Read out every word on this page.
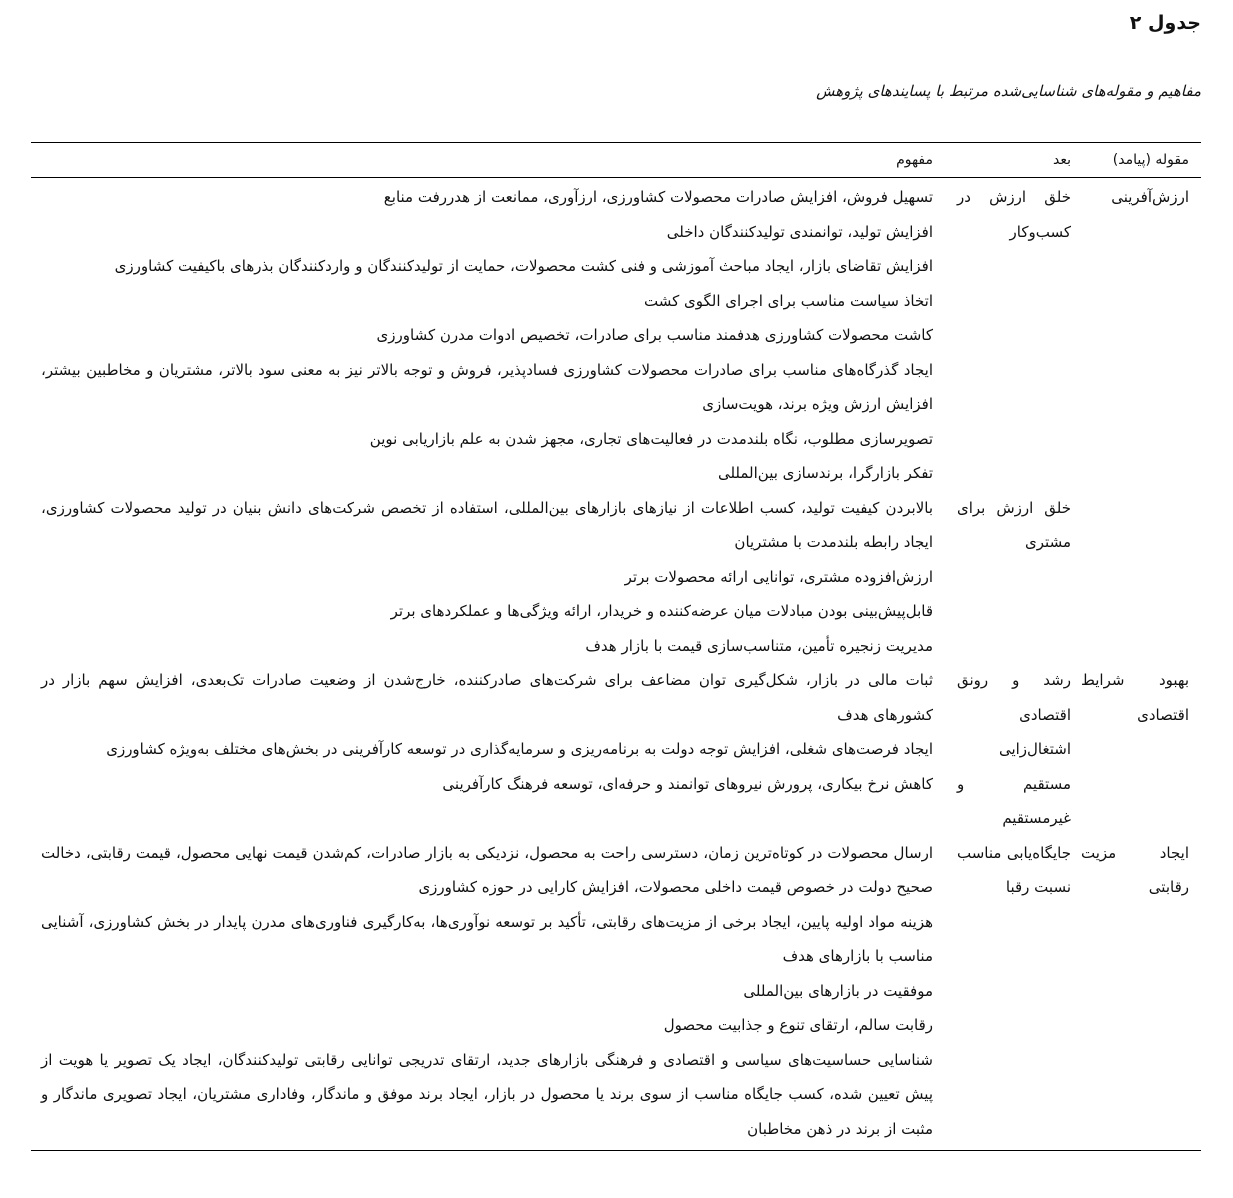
جدول ۲

مفاهیم و مقوله‌های شناسایی‌شده مرتبط با پسایندهای پژوهش

مقوله (پیامد)
بعد
مفهوم
ارزش‌آفرینی
خلق ارزش در کسب‌وکار
تسهیل فروش، افزایش صادرات محصولات کشاورزی، ارزآوری، ممانعت از هدررفت منابع
افزایش تولید، توانمندی تولیدکنندگان داخلی
افزایش تقاضای بازار، ایجاد مباحث آموزشی و فنی کشت محصولات، حمایت از تولیدکنندگان و واردکنندگان بذرهای باکیفیت کشاورزی
اتخاذ سیاست مناسب برای اجرای الگوی کشت
کاشت محصولات کشاورزی هدفمند مناسب برای صادرات، تخصیص ادوات مدرن کشاورزی
ایجاد گذرگاه‌های مناسب برای صادرات محصولات کشاورزی فسادپذیر، فروش و توجه بالاتر نیز به معنی سود بالاتر، مشتریان و مخاطبین بیشتر، افزایش ارزش ویژه برند، هویت‌سازی
تصویرسازی مطلوب، نگاه بلندمدت در فعالیت‌های تجاری، مجهز شدن به علم بازاریابی نوین
تفکر بازارگرا، برندسازی بین‌المللی
خلق ارزش برای مشتری
بالابردن کیفیت تولید، کسب اطلاعات از نیازهای بازارهای بین‌المللی، استفاده از تخصص شرکت‌های دانش بنیان در تولید محصولات کشاورزی، ایجاد رابطه بلندمدت با مشتریان
ارزش‌افزوده مشتری، توانایی ارائه محصولات برتر
قابل‌پیش‌بینی بودن مبادلات میان عرضه‌کننده و خریدار، ارائه ویژگی‌ها و عملکردهای برتر
مدیریت زنجیره تأمین، متناسب‌سازی قیمت با بازار هدف
بهبود شرایط اقتصادی
رشد و رونق اقتصادی اشتغال‌زایی مستقیم و غیرمستقیم
ثبات مالی در بازار، شکل‌گیری توان مضاعف برای شرکت‌های صادرکننده، خارج‌شدن از وضعیت صادرات تک‌بعدی، افزایش سهم بازار در کشورهای هدف
ایجاد فرصت‌های شغلی، افزایش توجه دولت به برنامه‌ریزی و سرمایه‌گذاری در توسعه کارآفرینی در بخش‌های مختلف به‌ویژه کشاورزی
کاهش نرخ بیکاری، پرورش نیروهای توانمند و حرفه‌ای، توسعه فرهنگ کارآفرینی
ایجاد مزیت رقابتی
جایگاه‌یابی مناسب نسبت رقبا
ارسال محصولات در کوتاه‌ترین زمان، دسترسی راحت به محصول، نزدیکی به بازار صادرات، کم‌شدن قیمت نهایی محصول، قیمت رقابتی، دخالت صحیح دولت در خصوص قیمت داخلی محصولات، افزایش کارایی در حوزه کشاورزی
هزینه مواد اولیه پایین، ایجاد برخی از مزیت‌های رقابتی، تأکید بر توسعه نوآوری‌ها، به‌کارگیری فناوری‌های مدرن پایدار در بخش کشاورزی، آشنایی مناسب با بازارهای هدف
موفقیت در بازارهای بین‌المللی
رقابت سالم، ارتقای تنوع و جذابیت محصول
شناسایی حساسیت‌های سیاسی و اقتصادی و فرهنگی بازارهای جدید، ارتقای تدریجی توانایی رقابتی تولیدکنندگان، ایجاد یک تصویر یا هویت از پیش تعیین شده، کسب جایگاه مناسب از سوی برند یا محصول در بازار، ایجاد برند موفق و ماندگار، وفاداری مشتریان، ایجاد تصویری ماندگار و مثبت از برند در ذهن مخاطبان
